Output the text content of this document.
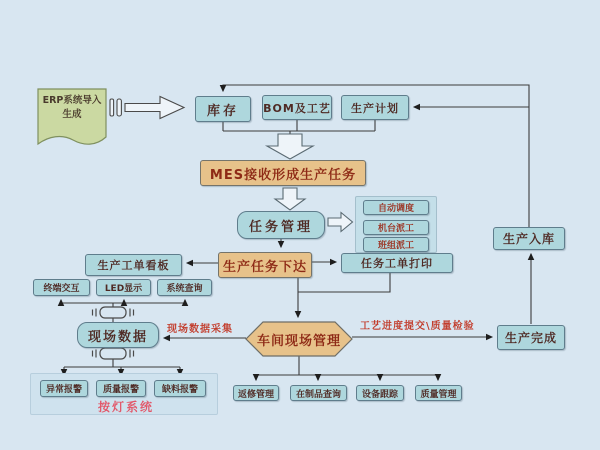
ERP系统导入
生成	库存	BOM及工艺	生产计划
MES接收形成生产任务
任务管理
自动调度
机台派工
班组派工
生产工单看板	生产任务下达	任务工单打印
终端交互	LED显示	系统查询
现场数据	现场数据采集	工艺进度提交\质量检验
车间现场管理
生产入库
生产完成
异常报警	质量报警	缺料报警
按灯系统
返修管理	在制品查询	设备跟踪	质量管理
